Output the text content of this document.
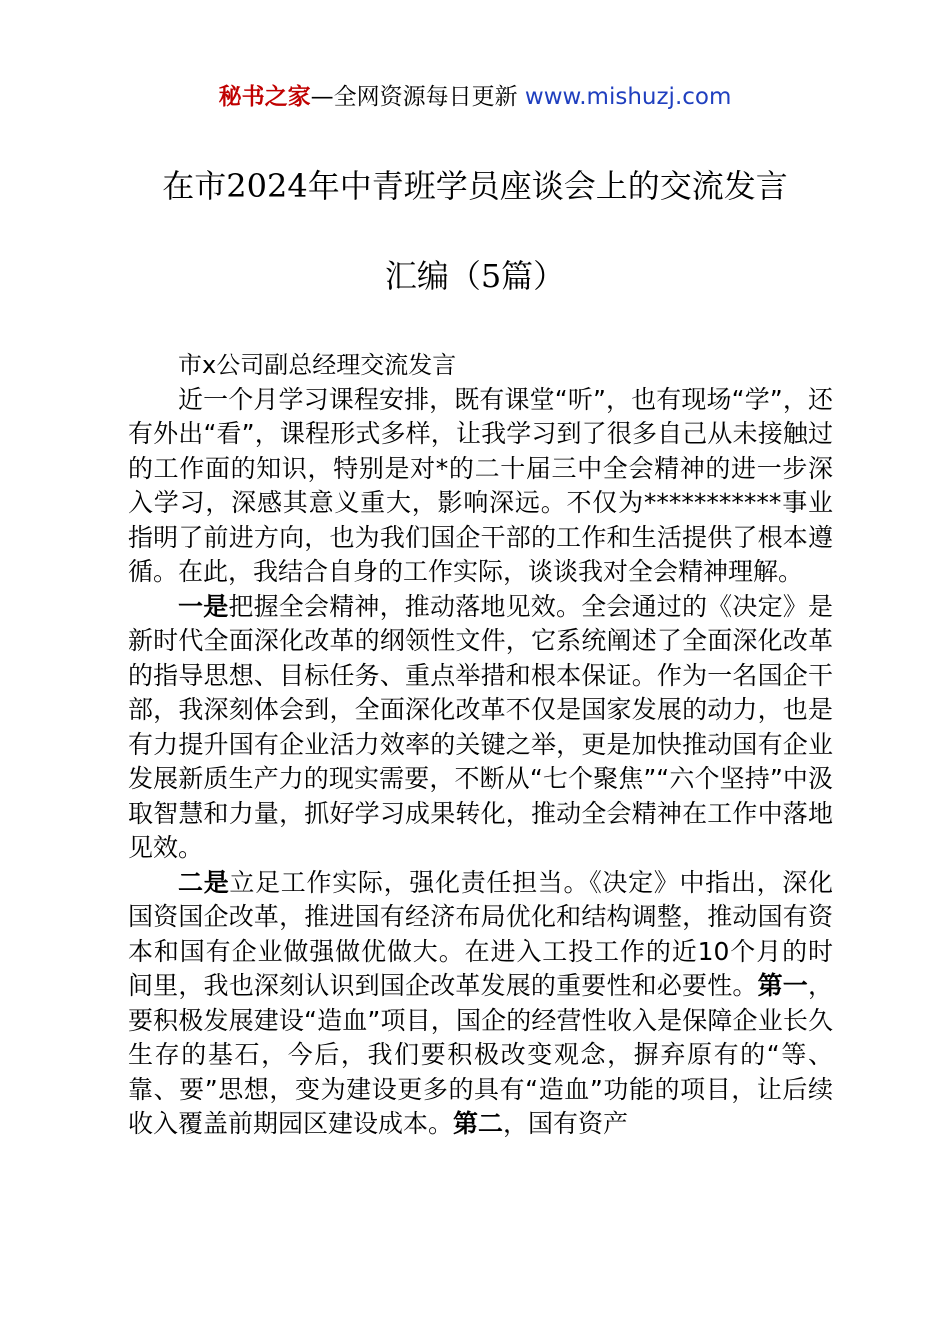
秘书之家—全网资源每日更新 www.mishuzj.com
在市2024年中青班学员座谈会上的交流发言
汇编（5篇）

市x公司副总经理交流发言

近一个月学习课程安排，既有课堂“听”，也有现场“学”，还有外出“看”，课程形式多样，让我学习到了很多自己从未接触过的工作面的知识，特别是对*的二十届三中全会精神的进一步深入学习，深感其意义重大，影响深远。不仅为***********事业指明了前进方向，也为我们国企干部的工作和生活提供了根本遵循。在此，我结合自身的工作实际，谈谈我对全会精神理解。

一是把握全会精神，推动落地见效。全会通过的《决定》是新时代全面深化改革的纲领性文件，它系统阐述了全面深化改革的指导思想、目标任务、重点举措和根本保证。作为一名国企干部，我深刻体会到，全面深化改革不仅是国家发展的动力，也是有力提升国有企业活力效率的关键之举，更是加快推动国有企业发展新质生产力的现实需要，不断从“七个聚焦”“六个坚持”中汲取智慧和力量，抓好学习成果转化，推动全会精神在工作中落地见效。

二是立足工作实际，强化责任担当。《决定》中指出，深化国资国企改革，推进国有经济布局优化和结构调整，推动国有资本和国有企业做强做优做大。在进入工投工作的近10个月的时间里，我也深刻认识到国企改革发展的重要性和必要性。第一，要积极发展建设“造血”项目，国企的经营性收入是保障企业长久生存的基石，今后，我们要积极改变观念，摒弃原有的“等、靠、要”思想，变为建设更多的具有“造血”功能的项目，让后续收入覆盖前期园区建设成本。第二，国有资产
